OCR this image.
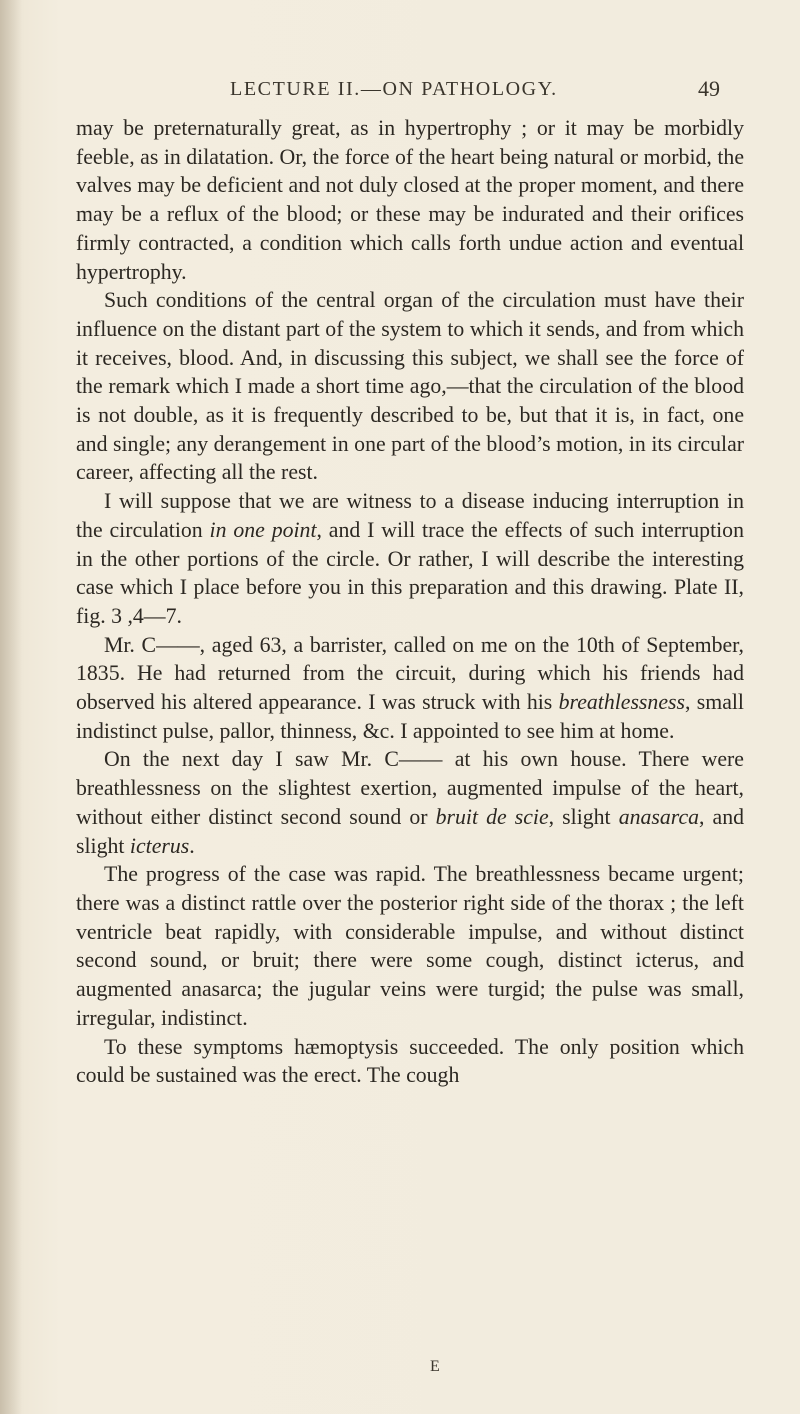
LECTURE II.—ON PATHOLOGY.	49

may be preternaturally great, as in hypertrophy ; or it may be morbidly feeble, as in dilatation. Or, the force of the heart being natural or morbid, the valves may be deficient and not duly closed at the proper moment, and there may be a reflux of the blood; or these may be indurated and their orifices firmly contracted, a condition which calls forth undue action and eventual hypertrophy.

Such conditions of the central organ of the circulation must have their influence on the distant part of the system to which it sends, and from which it receives, blood. And, in discussing this subject, we shall see the force of the remark which I made a short time ago,—that the circulation of the blood is not double, as it is frequently described to be, but that it is, in fact, one and single; any derangement in one part of the blood’s motion, in its circular career, affecting all the rest.

I will suppose that we are witness to a disease inducing interruption in the circulation in one point, and I will trace the effects of such interruption in the other portions of the circle. Or rather, I will describe the interesting case which I place before you in this preparation and this drawing. Plate II, fig. 3 ,4—7.

Mr. C——, aged 63, a barrister, called on me on the 10th of September, 1835. He had returned from the circuit, during which his friends had observed his altered appearance. I was struck with his breathlessness, small indistinct pulse, pallor, thinness, &c. I appointed to see him at home.

On the next day I saw Mr. C—— at his own house. There were breathlessness on the slightest exertion, augmented impulse of the heart, without either distinct second sound or bruit de scie, slight anasarca, and slight icterus.

The progress of the case was rapid. The breathlessness became urgent; there was a distinct rattle over the posterior right side of the thorax ; the left ventricle beat rapidly, with considerable impulse, and without distinct second sound, or bruit; there were some cough, distinct icterus, and augmented anasarca; the jugular veins were turgid; the pulse was small, irregular, indistinct.

To these symptoms hæmoptysis succeeded. The only position which could be sustained was the erect. The cough

E
